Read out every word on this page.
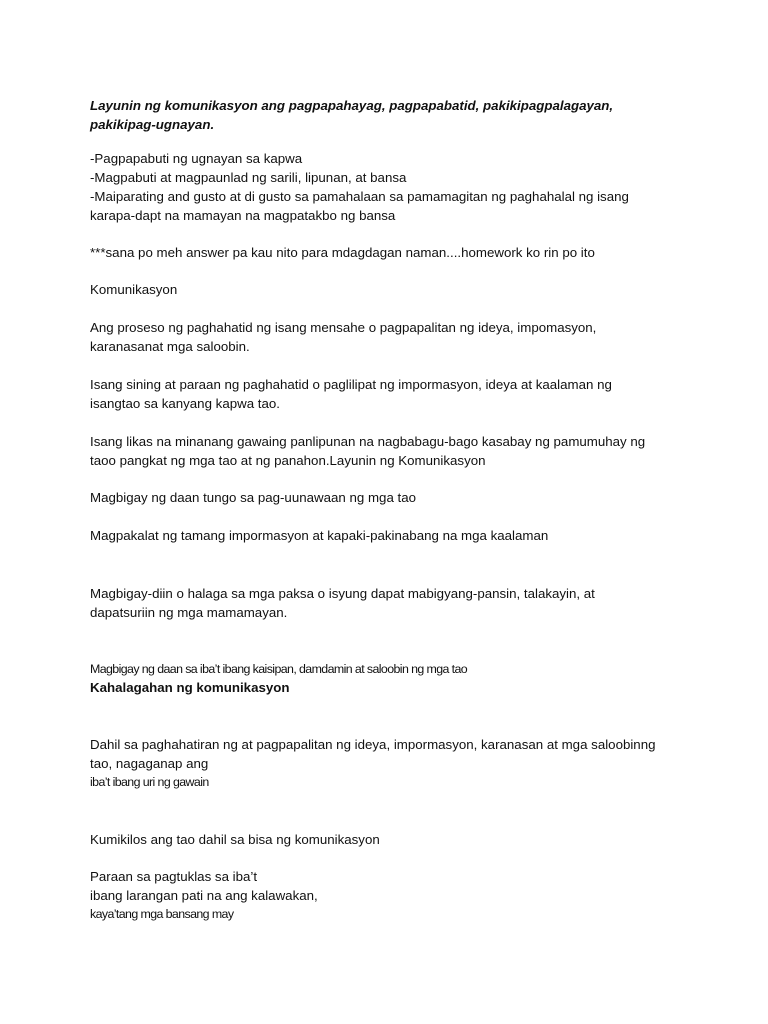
Layunin ng komunikasyon ang pagpapahayag, pagpapabatid, pakikipagpalagayan,
pakikipag-ugnayan.

-Pagpapabuti ng ugnayan sa kapwa
-Magpabuti at magpaunlad ng sarili, lipunan, at bansa
-Maiparating and gusto at di gusto sa pamahalaan sa pamamagitan ng paghahalal ng isang
karapa-dapt na mamayan na magpatakbo ng bansa

***sana po meh answer pa kau nito para mdagdagan naman....homework ko rin po ito

Komunikasyon

Ang proseso ng paghahatid ng isang mensahe o pagpapalitan ng ideya, impomasyon,
karanasanat mga saloobin.

Isang sining at paraan ng paghahatid o paglilipat ng impormasyon, ideya at kaalaman ng
isangtao sa kanyang kapwa tao.

Isang likas na minanang gawaing panlipunan na nagbabagu-bago kasabay ng pamumuhay ng
taoo pangkat ng mga tao at ng panahon.Layunin ng Komunikasyon

Magbigay ng daan tungo sa pag-uunawaan ng mga tao

Magpakalat ng tamang impormasyon at kapaki-pakinabang na mga kaalaman

Magbigay-diin o halaga sa mga paksa o isyung dapat mabigyang-pansin, talakayin, at
dapatsuriin ng mga mamamayan.

Magbigay ng daan sa iba’t ibang kaisipan, damdamin at saloobin ng mga tao

Kahalagahan ng komunikasyon

Dahil sa paghahatiran ng at pagpapalitan ng ideya, impormasyon, karanasan at mga saloobinng
tao, nagaganap ang
iba’t ibang uri ng gawain

Kumikilos ang tao dahil sa bisa ng komunikasyon

Paraan sa pagtuklas sa iba’t
ibang larangan pati na ang kalawakan,
kaya’tang mga bansang may
